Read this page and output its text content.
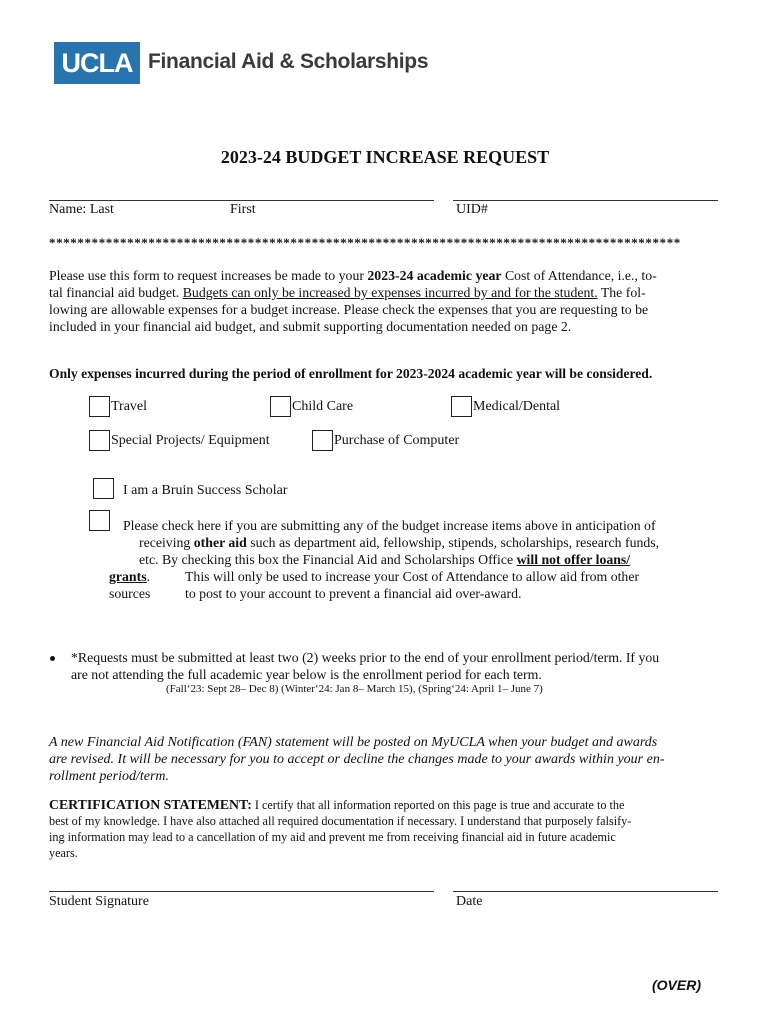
UCLA Financial Aid & Scholarships
2023-24 BUDGET INCREASE REQUEST
Name: Last	First	UID#
*****************************************************************************************
Please use this form to request increases be made to your 2023-24 academic year Cost of Attendance, i.e., to-
tal financial aid budget. Budgets can only be increased by expenses incurred by and for the student. The fol-
lowing are allowable expenses for a budget increase. Please check the expenses that you are requesting to be
included in your financial aid budget, and submit supporting documentation needed on page 2.
Only expenses incurred during the period of enrollment for 2023-2024 academic year will be considered.
Travel	Child Care	Medical/Dental
Special Projects/ Equipment	Purchase of Computer
I am a Bruin Success Scholar
Please check here if you are submitting any of the budget increase items above in anticipation of
receiving other aid such as department aid, fellowship, stipends, scholarships, research funds,
etc. By checking this box the Financial Aid and Scholarships Office will not offer loans/
grants.	This will only be used to increase your Cost of Attendance to allow aid from other
sources	to post to your account to prevent a financial aid over-award.
*Requests must be submitted at least two (2) weeks prior to the end of your enrollment period/term. If you
are not attending the full academic year below is the enrollment period for each term.
(Fall‘23: Sept 28– Dec 8) (Winter‘24: Jan 8– March 15), (Spring‘24: April 1– June 7)
A new Financial Aid Notification (FAN) statement will be posted on MyUCLA when your budget and awards
are revised. It will be necessary for you to accept or decline the changes made to your awards within your en-
rollment period/term.
CERTIFICATION STATEMENT: I certify that all information reported on this page is true and accurate to the
best of my knowledge. I have also attached all required documentation if necessary. I understand that purposely falsify-
ing information may lead to a cancellation of my aid and prevent me from receiving financial aid in future academic
years.
Student Signature	Date
(OVER)
